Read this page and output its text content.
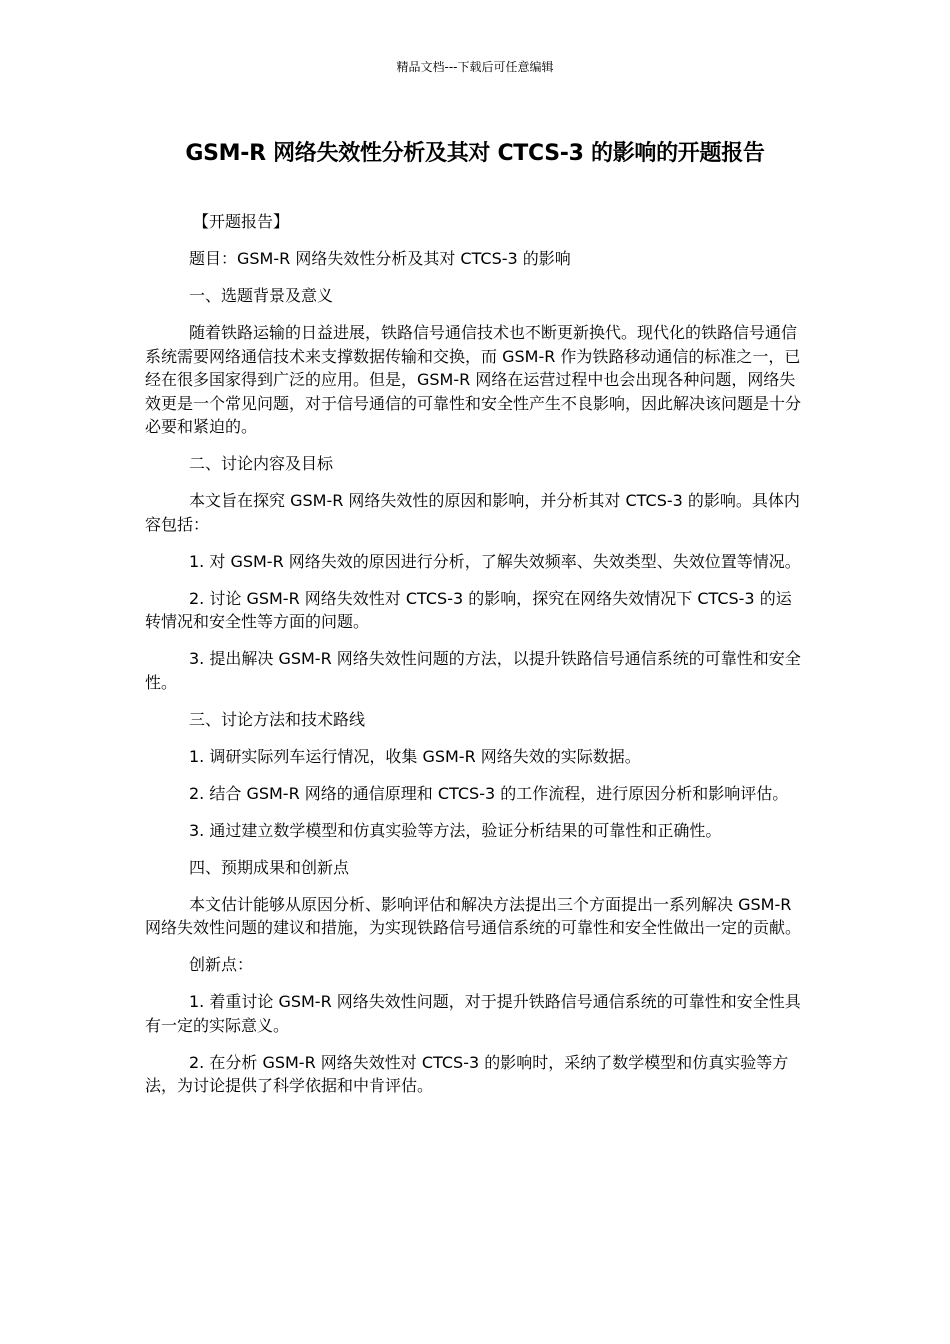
精品文档---下载后可任意编辑
GSM-R 网络失效性分析及其对 CTCS-3 的影响的开题报告

【开题报告】

题目：GSM-R 网络失效性分析及其对 CTCS-3 的影响

一、选题背景及意义

随着铁路运输的日益进展，铁路信号通信技术也不断更新换代。现代化的铁路信号通信系统需要网络通信技术来支撑数据传输和交换，而 GSM-R 作为铁路移动通信的标准之一，已经在很多国家得到广泛的应用。但是，GSM-R 网络在运营过程中也会出现各种问题，网络失效更是一个常见问题，对于信号通信的可靠性和安全性产生不良影响，因此解决该问题是十分必要和紧迫的。

二、讨论内容及目标

本文旨在探究 GSM-R 网络失效性的原因和影响，并分析其对 CTCS-3 的影响。具体内容包括：

1. 对 GSM-R 网络失效的原因进行分析，了解失效频率、失效类型、失效位置等情况。

2. 讨论 GSM-R 网络失效性对 CTCS-3 的影响，探究在网络失效情况下 CTCS-3 的运转情况和安全性等方面的问题。

3. 提出解决 GSM-R 网络失效性问题的方法，以提升铁路信号通信系统的可靠性和安全性。

三、讨论方法和技术路线

1. 调研实际列车运行情况，收集 GSM-R 网络失效的实际数据。

2. 结合 GSM-R 网络的通信原理和 CTCS-3 的工作流程，进行原因分析和影响评估。

3. 通过建立数学模型和仿真实验等方法，验证分析结果的可靠性和正确性。

四、预期成果和创新点

本文估计能够从原因分析、影响评估和解决方法提出三个方面提出一系列解决 GSM-R 网络失效性问题的建议和措施，为实现铁路信号通信系统的可靠性和安全性做出一定的贡献。

创新点：

1. 着重讨论 GSM-R 网络失效性问题，对于提升铁路信号通信系统的可靠性和安全性具有一定的实际意义。

2. 在分析 GSM-R 网络失效性对 CTCS-3 的影响时，采纳了数学模型和仿真实验等方法，为讨论提供了科学依据和中肯评估。
